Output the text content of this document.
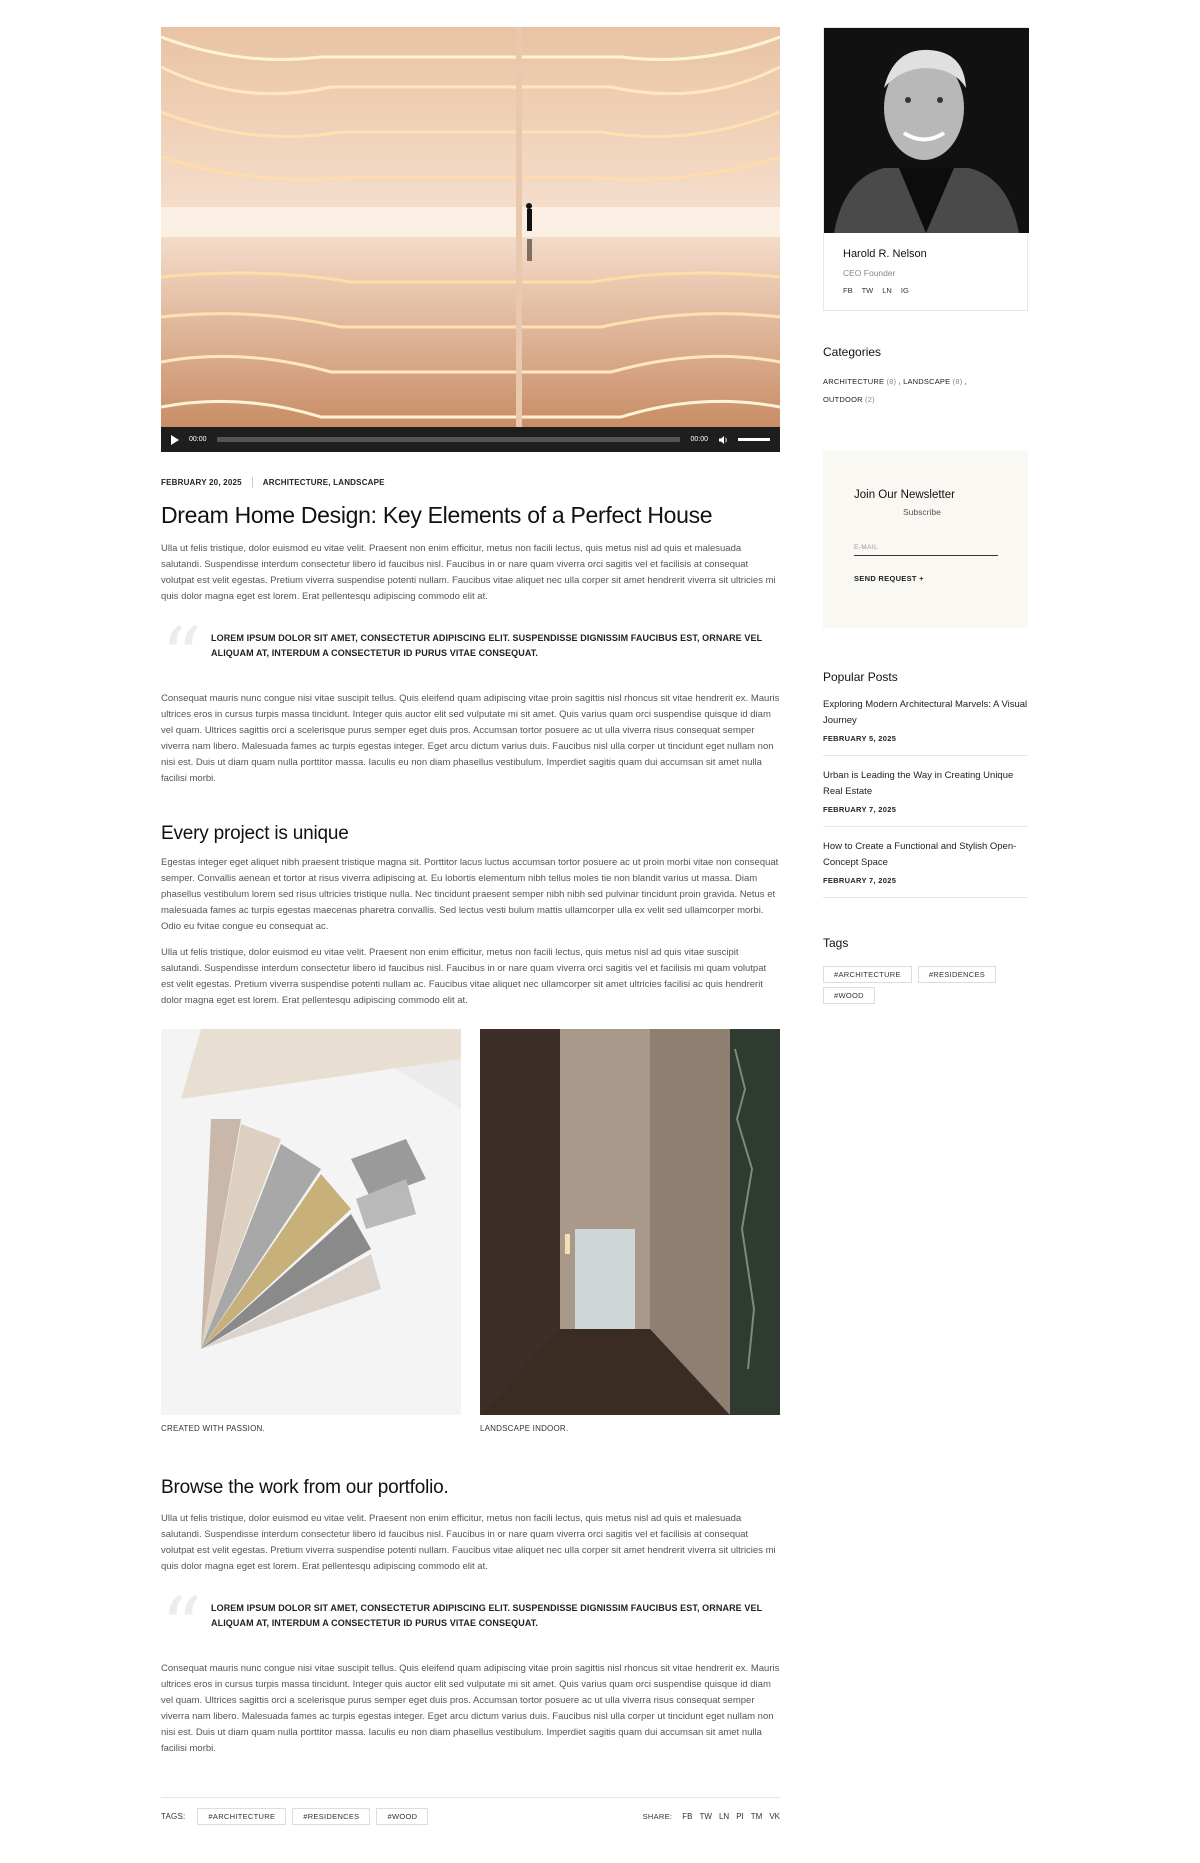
00:00	00:00
FEBRUARY 20, 2025	ARCHITECTURE, LANDSCAPE
Dream Home Design: Key Elements of a Perfect House

Ulla ut felis tristique, dolor euismod eu vitae velit. Praesent non enim efficitur, metus non facili lectus, quis metus nisl ad quis et malesuada salutandi. Suspendisse interdum consectetur libero id faucibus nisl. Faucibus in or nare quam viverra orci sagitis vel et facilisis at consequat volutpat est velit egestas. Pretium viverra suspendise potenti nullam. Faucibus vitae aliquet nec ulla corper sit amet hendrerit viverra sit ultricies mi quis dolor magna eget est lorem. Erat pellentesqu adipiscing commodo elit at.

“ LOREM IPSUM DOLOR SIT AMET, CONSECTETUR ADIPISCING ELIT. SUSPENDISSE DIGNISSIM FAUCIBUS EST, ORNARE VEL ALIQUAM AT, INTERDUM A CONSECTETUR ID PURUS VITAE CONSEQUAT.

Consequat mauris nunc congue nisi vitae suscipit tellus. Quis eleifend quam adipiscing vitae proin sagittis nisl rhoncus sit vitae hendrerit ex. Mauris ultrices eros in cursus turpis massa tincidunt. Integer quis auctor elit sed vulputate mi sit amet. Quis varius quam orci suspendise quisque id diam vel quam. Ultrices sagittis orci a scelerisque purus semper eget duis pros. Accumsan tortor posuere ac ut ulla viverra risus consequat semper viverra nam libero. Malesuada fames ac turpis egestas integer. Eget arcu dictum varius duis. Faucibus nisl ulla corper ut tincidunt eget nullam non nisi est. Duis ut diam quam nulla porttitor massa. Iaculis eu non diam phasellus vestibulum. Imperdiet sagitis quam dui accumsan sit amet nulla facilisi morbi.

Every project is unique

Egestas integer eget aliquet nibh praesent tristique magna sit. Porttitor lacus luctus accumsan tortor posuere ac ut proin morbi vitae non consequat semper. Convallis aenean et tortor at risus viverra adipiscing at. Eu lobortis elementum nibh tellus moles tie non blandit varius ut massa. Diam phasellus vestibulum lorem sed risus ultricies tristique nulla. Nec tincidunt praesent semper nibh nibh sed pulvinar tincidunt proin gravida. Netus et malesuada fames ac turpis egestas maecenas pharetra convallis. Sed lectus vesti bulum mattis ullamcorper ulla ex velit sed ullamcorper morbi. Odio eu fvitae congue eu consequat ac.

Ulla ut felis tristique, dolor euismod eu vitae velit. Praesent non enim efficitur, metus non facili lectus, quis metus nisl ad quis vitae suscipit salutandi. Suspendisse interdum consectetur libero id faucibus nisl. Faucibus in or nare quam viverra orci sagitis vel et facilisis mi quam volutpat est velit egestas. Pretium viverra suspendise potenti nullam ac. Faucibus vitae aliquet nec ullamcorper sit amet ultricies facilisi ac quis hendrerit dolor magna eget est lorem. Erat pellentesqu adipiscing commodo elit at.

CREATED WITH PASSION.	LANDSCAPE INDOOR.
Browse the work from our portfolio.

Ulla ut felis tristique, dolor euismod eu vitae velit. Praesent non enim efficitur, metus non facili lectus, quis metus nisl ad quis et malesuada salutandi. Suspendisse interdum consectetur libero id faucibus nisl. Faucibus in or nare quam viverra orci sagitis vel et facilisis at consequat volutpat est velit egestas. Pretium viverra suspendise potenti nullam. Faucibus vitae aliquet nec ulla corper sit amet hendrerit viverra sit ultricies mi quis dolor magna eget est lorem. Erat pellentesqu adipiscing commodo elit at.

“ LOREM IPSUM DOLOR SIT AMET, CONSECTETUR ADIPISCING ELIT. SUSPENDISSE DIGNISSIM FAUCIBUS EST, ORNARE VEL ALIQUAM AT, INTERDUM A CONSECTETUR ID PURUS VITAE CONSEQUAT.

Consequat mauris nunc congue nisi vitae suscipit tellus. Quis eleifend quam adipiscing vitae proin sagittis nisl rhoncus sit vitae hendrerit ex. Mauris ultrices eros in cursus turpis massa tincidunt. Integer quis auctor elit sed vulputate mi sit amet. Quis varius quam orci suspendise quisque id diam vel quam. Ultrices sagittis orci a scelerisque purus semper eget duis pros. Accumsan tortor posuere ac ut ulla viverra risus consequat semper viverra nam libero. Malesuada fames ac turpis egestas integer. Eget arcu dictum varius duis. Faucibus nisl ulla corper ut tincidunt eget nullam non nisi est. Duis ut diam quam nulla porttitor massa. Iaculis eu non diam phasellus vestibulum. Imperdiet sagitis quam dui accumsan sit amet nulla facilisi morbi.

TAGS:	#ARCHITECTURE	#RESIDENCES	#WOOD	SHARE: FB TW LN PI TM VK
Harold R. Nelson
CEO Founder
FB TW LN IG
Categories
ARCHITECTURE (8) , LANDSCAPE (8) ,
OUTDOOR (2)
Join Our Newsletter
Subscribe
E-MAIL
SEND REQUEST +
Popular Posts
Exploring Modern Architectural Marvels: A Visual Journey
FEBRUARY 5, 2025
Urban is Leading the Way in Creating Unique Real Estate
FEBRUARY 7, 2025
How to Create a Functional and Stylish Open-Concept Space
FEBRUARY 7, 2025
Tags
#ARCHITECTURE	#RESIDENCES
#WOOD
